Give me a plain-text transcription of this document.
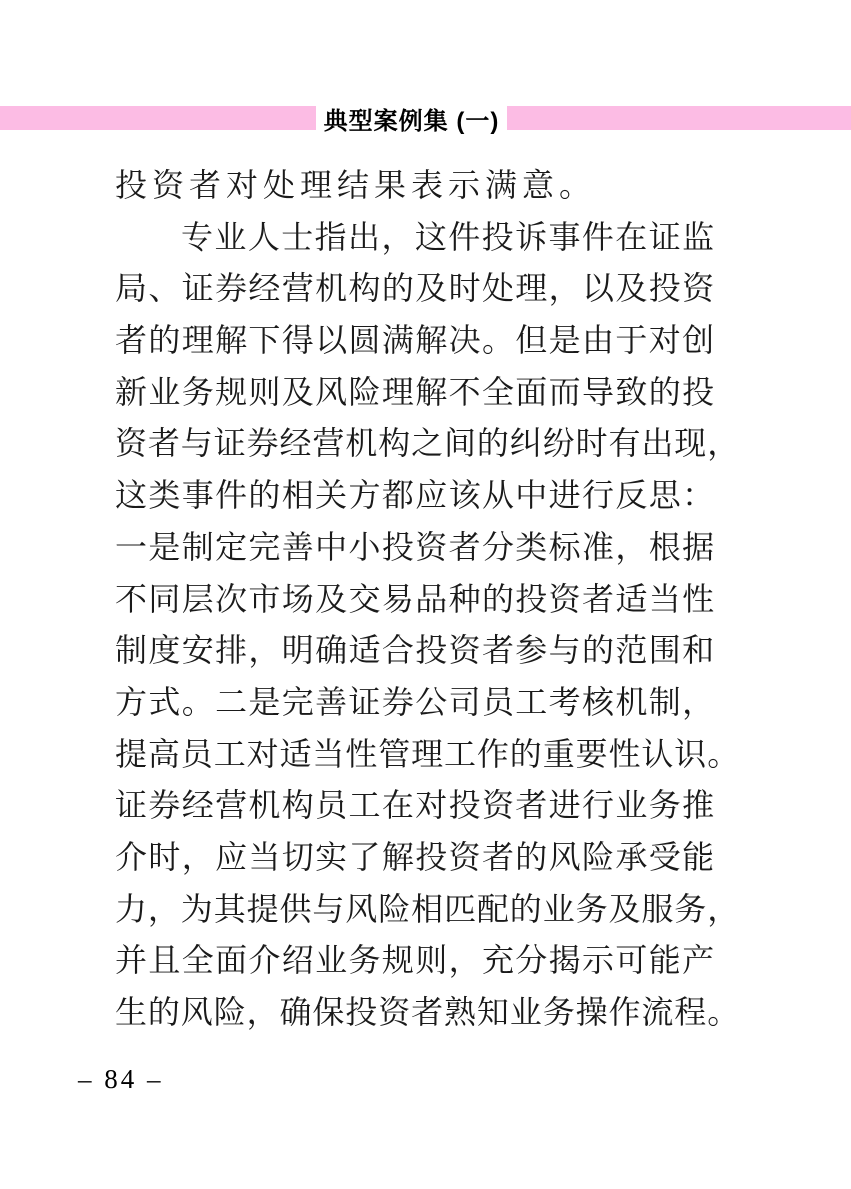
典型案例集 (一)
投资者对处理结果表示满意。
专业人士指出，这件投诉事件在证监
局、证券经营机构的及时处理，以及投资
者的理解下得以圆满解决。但是由于对创
新业务规则及风险理解不全面而导致的投
资者与证券经营机构之间的纠纷时有出现，
这类事件的相关方都应该从中进行反思：
一是制定完善中小投资者分类标准，根据
不同层次市场及交易品种的投资者适当性
制度安排，明确适合投资者参与的范围和
方式。二是完善证券公司员工考核机制，
提高员工对适当性管理工作的重要性认识。
证券经营机构员工在对投资者进行业务推
介时，应当切实了解投资者的风险承受能
力，为其提供与风险相匹配的业务及服务，
并且全面介绍业务规则，充分揭示可能产
生的风险，确保投资者熟知业务操作流程。
– 84 –
